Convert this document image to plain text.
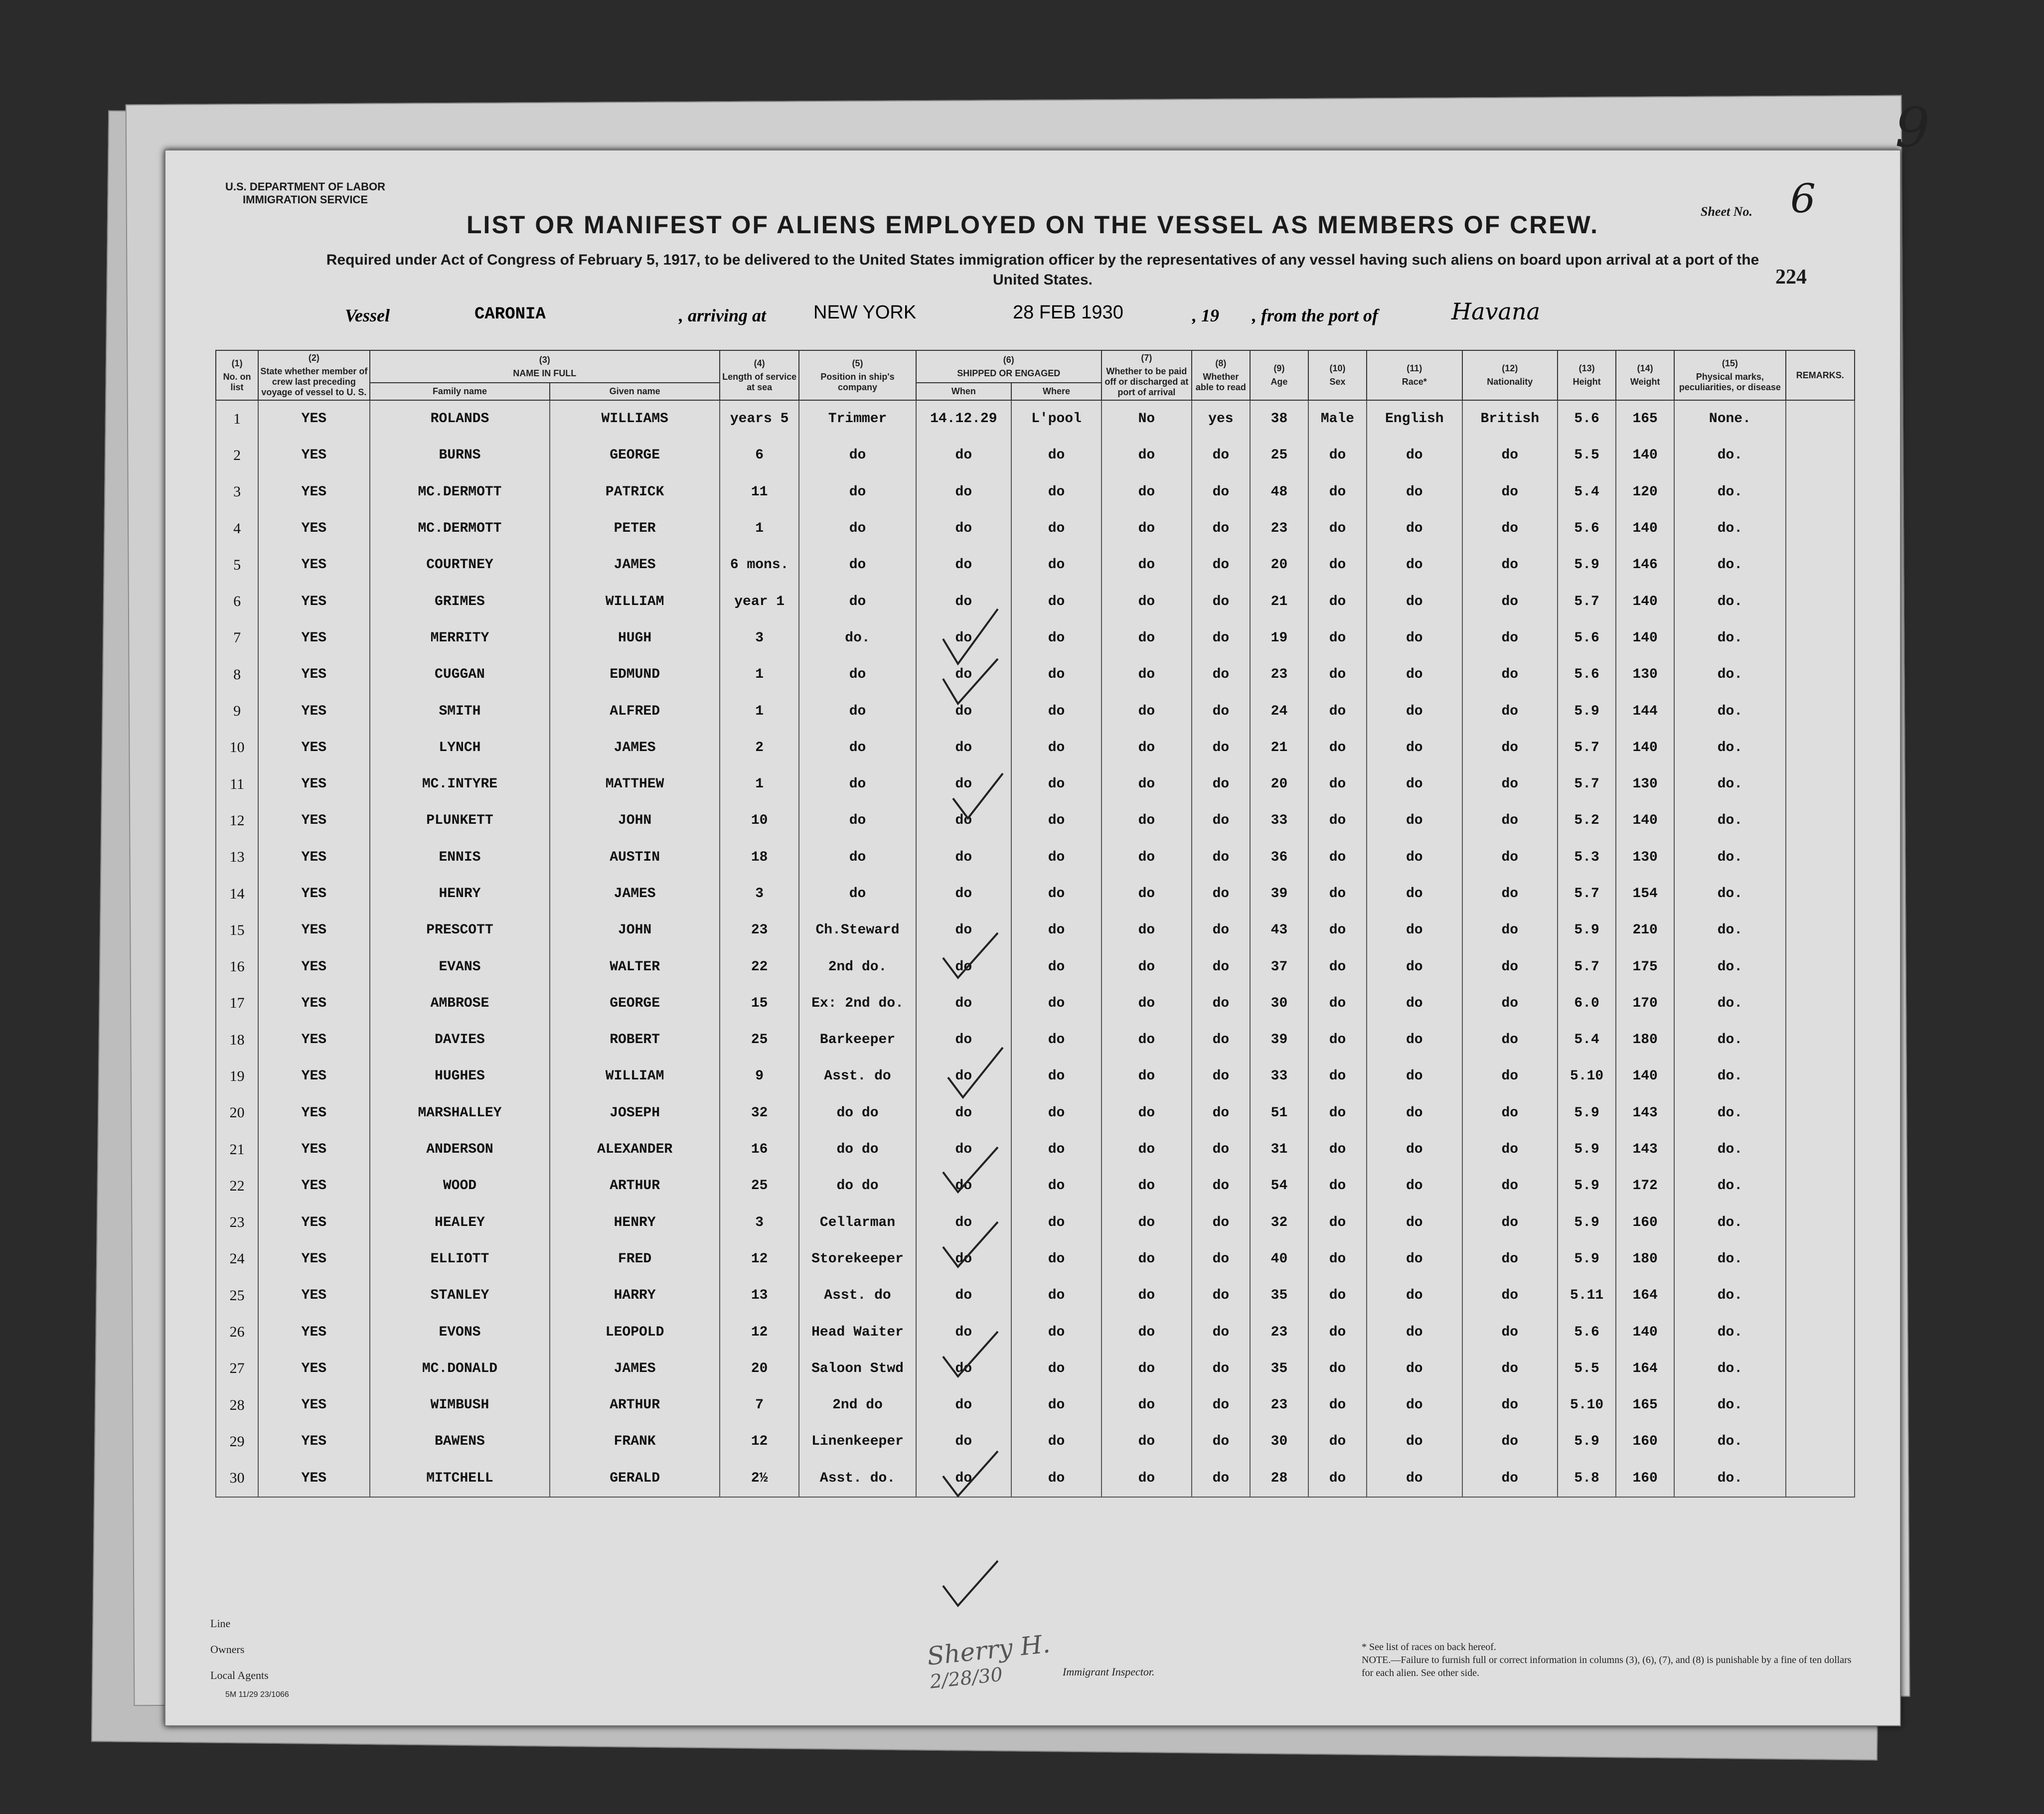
9
U.S. DEPARTMENT OF LABOR
IMMIGRATION SERVICE
Sheet No. 6
LIST OR MANIFEST OF ALIENS EMPLOYED ON THE VESSEL AS MEMBERS OF CREW.
Required under Act of Congress of February 5, 1917, to be delivered to the United States immigration officer by the representatives of any vessel having such aliens on board upon arrival at a port of the United States.	224
Vessel	CARONIA	, arriving at NEW YORK	28 FEB 1930	, 19 , from the port of	Havana
(1)
No. on list	(2)
State whether member of crew last preceding voyage of vessel to U. S.	(3)
NAME IN FULL		(4)
Length of service at sea	(5)
Position in ship's company	(6)
SHIPPED OR ENGAGED		(7)
Whether to be paid off or discharged at port of arrival	(8)
Whether able to read	(9)
Age	(10)
Sex	(11)
Race*	(12)
Nationality	(13)
Height	(14)
Weight	(15)
Physical marks, peculiarities, or disease	REMARKS.
		Family name	Given name			When	Where										
1	YES	ROLANDS	WILLIAMS	years 5	Trimmer	14.12.29	L'pool	No	yes	38	Male	English	British	5.6	165	None.	
2	YES	BURNS	GEORGE	6	do	do	do	do	do	25	do	do	do	5.5	140	do.	
3	YES	MC.DERMOTT	PATRICK	11	do	do	do	do	do	48	do	do	do	5.4	120	do.	
4	YES	MC.DERMOTT	PETER	1	do	do	do	do	do	23	do	do	do	5.6	140	do.	
5	YES	COURTNEY	JAMES	6 mons.	do	do	do	do	do	20	do	do	do	5.9	146	do.	
6	YES	GRIMES	WILLIAM	year 1	do	do	do	do	do	21	do	do	do	5.7	140	do.	
7	YES	MERRITY	HUGH	3	do.	do	do	do	do	19	do	do	do	5.6	140	do.	
8	YES	CUGGAN	EDMUND	1	do	do	do	do	do	23	do	do	do	5.6	130	do.	
9	YES	SMITH	ALFRED	1	do	do	do	do	do	24	do	do	do	5.9	144	do.	
10	YES	LYNCH	JAMES	2	do	do	do	do	do	21	do	do	do	5.7	140	do.	
11	YES	MC.INTYRE	MATTHEW	1	do	do	do	do	do	20	do	do	do	5.7	130	do.	
12	YES	PLUNKETT	JOHN	10	do	do	do	do	do	33	do	do	do	5.2	140	do.	
13	YES	ENNIS	AUSTIN	18	do	do	do	do	do	36	do	do	do	5.3	130	do.	
14	YES	HENRY	JAMES	3	do	do	do	do	do	39	do	do	do	5.7	154	do.	
15	YES	PRESCOTT	JOHN	23	Ch.Steward	do	do	do	do	43	do	do	do	5.9	210	do.	
16	YES	EVANS	WALTER	22	2nd do.	do	do	do	do	37	do	do	do	5.7	175	do.	
17	YES	AMBROSE	GEORGE	15	Ex: 2nd do.	do	do	do	do	30	do	do	do	6.0	170	do.	
18	YES	DAVIES	ROBERT	25	Barkeeper	do	do	do	do	39	do	do	do	5.4	180	do.	
19	YES	HUGHES	WILLIAM	9	Asst. do	do	do	do	do	33	do	do	do	5.10	140	do.	
20	YES	MARSHALLEY	JOSEPH	32	do do	do	do	do	do	51	do	do	do	5.9	143	do.	
21	YES	ANDERSON	ALEXANDER	16	do do	do	do	do	do	31	do	do	do	5.9	143	do.	
22	YES	WOOD	ARTHUR	25	do do	do	do	do	do	54	do	do	do	5.9	172	do.	
23	YES	HEALEY	HENRY	3	Cellarman	do	do	do	do	32	do	do	do	5.9	160	do.	
24	YES	ELLIOTT	FRED	12	Storekeeper	do	do	do	do	40	do	do	do	5.9	180	do.	
25	YES	STANLEY	HARRY	13	Asst. do	do	do	do	do	35	do	do	do	5.11	164	do.	
26	YES	EVONS	LEOPOLD	12	Head Waiter	do	do	do	do	23	do	do	do	5.6	140	do.	
27	YES	MC.DONALD	JAMES	20	Saloon Stwd	do	do	do	do	35	do	do	do	5.5	164	do.	
28	YES	WIMBUSH	ARTHUR	7	2nd do	do	do	do	do	23	do	do	do	5.10	165	do.	
29	YES	BAWENS	FRANK	12	Linenkeeper	do	do	do	do	30	do	do	do	5.9	160	do.	
30	YES	MITCHELL	GERALD	2½	Asst. do.	do	do	do	do	28	do	do	do	5.8	160	do.	
Line
Owners
Local Agents
5M 11/29 23/1066
Sherry H.
2/28/30	Immigrant Inspector.
* See list of races on back hereof.
NOTE.—Failure to furnish full or correct information in columns (3), (6), (7), and (8) is punishable by a fine of ten dollars for each alien. See other side.
